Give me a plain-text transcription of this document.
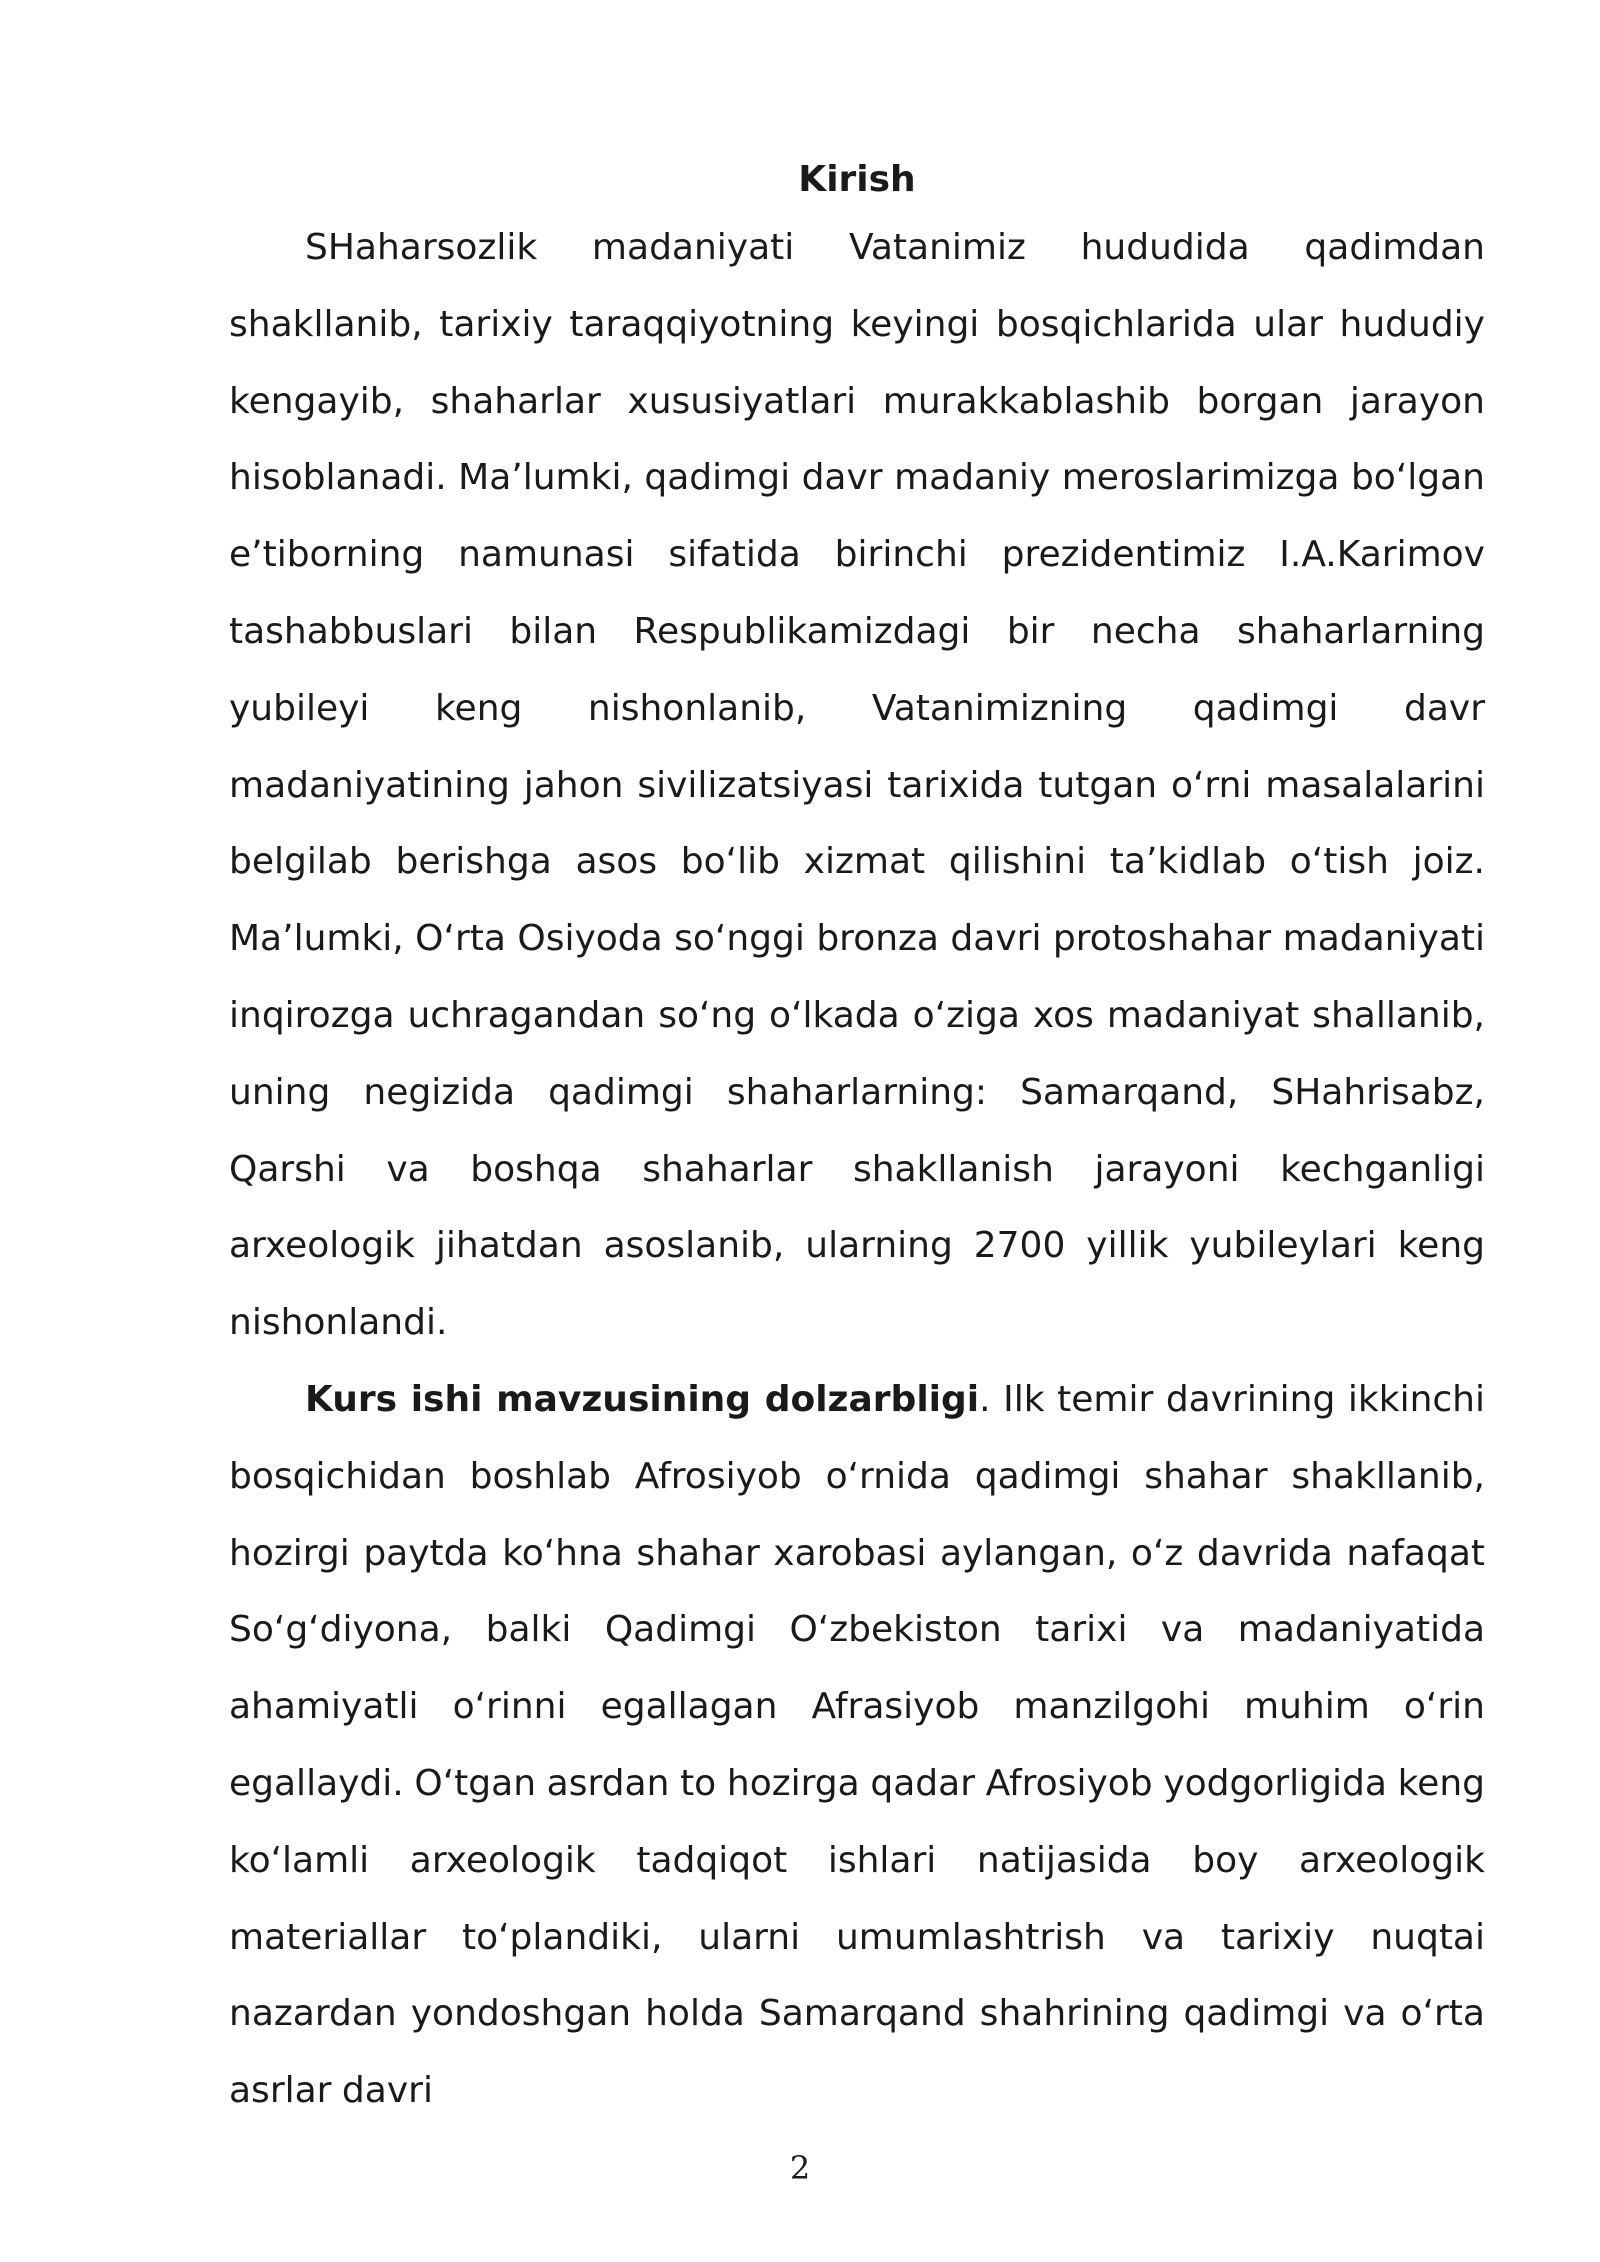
Kirish

SHaharsozlik madaniyati Vatanimiz hududida qadimdan shakllanib, tarixiy taraqqiyotning keyingi bosqichlarida ular hududiy kengayib, shaharlar xususiyatlari murakkablashib borgan jarayon hisoblanadi. Ma’lumki, qadimgi davr madaniy meroslarimizga bo‘lgan e’tiborning namunasi sifatida birinchi prezidentimiz I.A.Karimov tashabbuslari bilan Respublikamizdagi bir necha shaharlarning yubileyi keng nishonlanib, Vatanimizning qadimgi davr madaniyatining jahon sivilizatsiyasi tarixida tutgan o‘rni masalalarini belgilab berishga asos bo‘lib xizmat qilishini ta’kidlab o‘tish joiz. Ma’lumki, O‘rta Osiyoda so‘nggi bronza davri protoshahar madaniyati inqirozga uchragandan so‘ng o‘lkada o‘ziga xos madaniyat shallanib, uning negizida qadimgi shaharlarning: Samarqand, SHahrisabz, Qarshi va boshqa shaharlar shakllanish jarayoni kechganligi arxeologik jihatdan asoslanib, ularning 2700 yillik yubileylari keng nishonlandi.

Kurs ishi mavzusining dolzarbligi. Ilk temir davrining ikkinchi bosqichidan boshlab Afrosiyob o‘rnida qadimgi shahar shakllanib, hozirgi paytda ko‘hna shahar xarobasi aylangan, o‘z davrida nafaqat So‘g‘diyona, balki Qadimgi O‘zbekiston tarixi va madaniyatida ahamiyatli o‘rinni egallagan Afrasiyob manzilgohi muhim o‘rin egallaydi. O‘tgan asrdan to hozirga qadar Afrosiyob yodgorligida keng ko‘lamli arxeologik tadqiqot ishlari natijasida boy arxeologik materiallar to‘plandiki, ularni umumlashtrish va tarixiy nuqtai nazardan yondoshgan holda Samarqand shahrining qadimgi va o‘rta asrlar davri

2
